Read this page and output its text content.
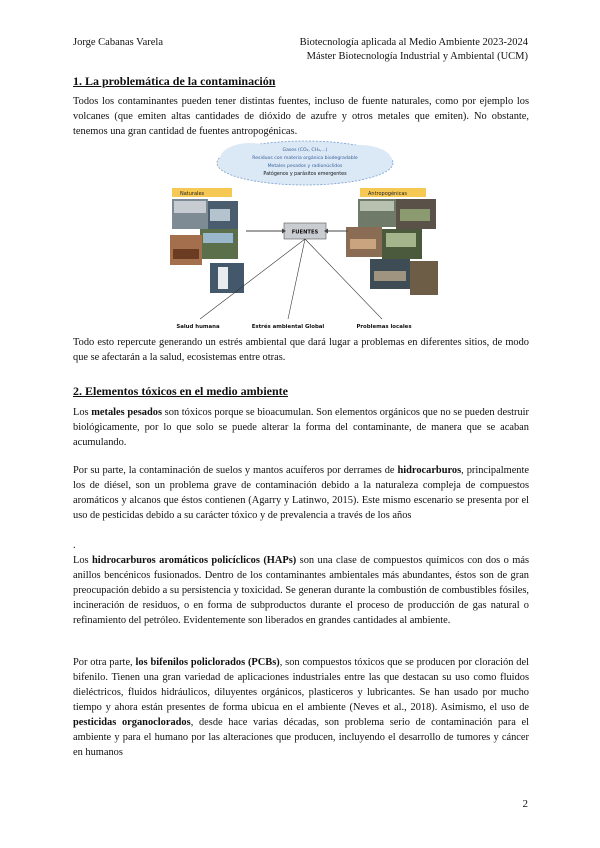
Jorge Cabanas Varela	Biotecnología aplicada al Medio Ambiente 2023-2024
Máster Biotecnología Industrial y Ambiental (UCM)
1. La problemática de la contaminación
Todos los contaminantes pueden tener distintas fuentes, incluso de fuente naturales, como por ejemplo los volcanes (que emiten altas cantidades de dióxido de azufre y otros metales que emiten). No obstante, tenemos una gran cantidad de fuentes antropogénicas.
Gases (CO₂, CH₄,...)
Residuos con materia orgánica biodegradable
Metales pesados y radionúclidos
Patógenos y parásitos emergentes
Naturales	Antropogénicas
FUENTES
Salud humana	Estrés ambiental Global	Problemas locales
Todo esto repercute generando un estrés ambiental que dará lugar a problemas en diferentes sitios, de modo que se afectarán a la salud, ecosistemas entre otras.
2. Elementos tóxicos en el medio ambiente
Los metales pesados son tóxicos porque se bioacumulan. Son elementos orgánicos que no se pueden destruir biológicamente, por lo que solo se puede alterar la forma del contaminante, de manera que se acaban acumulando.
Por su parte, la contaminación de suelos y mantos acuíferos por derrames de hidrocarburos, principalmente los de diésel, son un problema grave de contaminación debido a la naturaleza compleja de compuestos aromáticos y alcanos que éstos contienen (Agarry y Latinwo, 2015). Este mismo escenario se presenta por el uso de pesticidas debido a su carácter tóxico y de prevalencia a través de los años
.
Los hidrocarburos aromáticos policíclicos (HAPs) son una clase de compuestos químicos con dos o más anillos bencénicos fusionados. Dentro de los contaminantes ambientales más abundantes, éstos son de gran preocupación debido a su persistencia y toxicidad. Se generan durante la combustión de combustibles fósiles, incineración de residuos, o en forma de subproductos durante el proceso de producción de gas natural o refinamiento del petróleo. Evidentemente son liberados en grandes cantidades al ambiente.
Por otra parte, los bifenilos policlorados (PCBs), son compuestos tóxicos que se producen por cloración del bifenilo. Tienen una gran variedad de aplicaciones industriales entre las que destacan su uso como fluidos dieléctricos, fluidos hidráulicos, diluyentes orgánicos, plasticeros y lubricantes. Se han usado por mucho tiempo y ahora están presentes de forma ubicua en el ambiente (Neves et al., 2018). Asimismo, el uso de pesticidas organoclorados, desde hace varias décadas, son problema serio de contaminación para el ambiente y para el humano por las alteraciones que producen, incluyendo el desarrollo de tumores y cáncer en humanos
2
